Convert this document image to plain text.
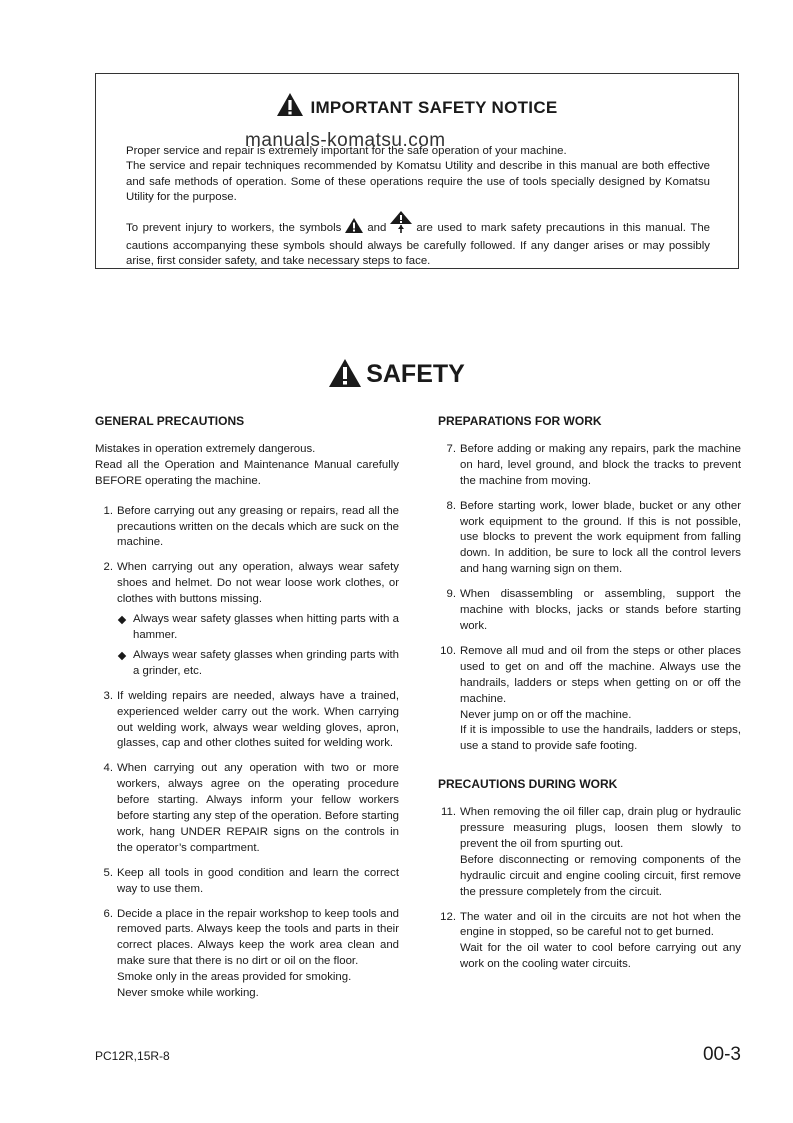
IMPORTANT SAFETY NOTICE

Proper service and repair is extremely important for the safe operation of your machine.
The service and repair techniques recommended by Komatsu Utility and describe in this manual are both effective and safe methods of operation. Some of these operations require the use of tools specially designed by Komatsu Utility for the purpose.

To prevent injury to workers, the symbols and	are used to mark safety precautions in this manual. The cautions accompanying these symbols should always be carefully followed. If any danger arises or may possibly arise, first consider safety, and take necessary steps to face.

manuals-komatsu.com
SAFETY
GENERAL PRECAUTIONS
Mistakes in operation extremely dangerous.
Read all the Operation and Maintenance Manual carefully BEFORE operating the machine.
1. Before carrying out any greasing or repairs, read all the precautions written on the decals which are suck on the machine.

2. When carrying out any operation, always wear safety shoes and helmet. Do not wear loose work clothes, or clothes with buttons missing.

Always wear safety glasses when hitting parts with a hammer.
Always wear safety glasses when grinding parts with a grinder, etc.
3. If welding repairs are needed, always have a trained, experienced welder carry out the work. When carrying out welding work, always wear welding gloves, apron, glasses, cap and other clothes suited for welding work.

4. When carrying out any operation with two or more workers, always agree on the operating procedure before starting. Always inform your fellow workers before starting any step of the operation. Before starting work, hang UNDER REPAIR signs on the controls in the operator’s compartment.

5. Keep all tools in good condition and learn the correct way to use them.

6. Decide a place in the repair workshop to keep tools and removed parts. Always keep the tools and parts in their correct places. Always keep the work area clean and make sure that there is no dirt or oil on the floor.

Smoke only in the areas provided for smoking.

Never smoke while working.

PREPARATIONS FOR WORK
7. Before adding or making any repairs, park the machine on hard, level ground, and block the tracks to prevent the machine from moving.

8. Before starting work, lower blade, bucket or any other work equipment to the ground. If this is not possible, use blocks to prevent the work equipment from falling down. In addition, be sure to lock all the control levers and hang warning sign on them.

9. When disassembling or assembling, support the machine with blocks, jacks or stands before starting work.

10. Remove all mud and oil from the steps or other places used to get on and off the machine. Always use the handrails, ladders or steps when getting on or off the machine.

Never jump on or off the machine.

If it is impossible to use the handrails, ladders or steps, use a stand to provide safe footing.

PRECAUTIONS DURING WORK
11. When removing the oil filler cap, drain plug or hydraulic pressure measuring plugs, loosen them slowly to prevent the oil from spurting out.

Before disconnecting or removing components of the hydraulic circuit and engine cooling circuit, first remove the pressure completely from the circuit.

12. The water and oil in the circuits are not hot when the engine in stopped, so be careful not to get burned.

Wait for the oil water to cool before carrying out any work on the cooling water circuits.

PC12R,15R-8	00-3
